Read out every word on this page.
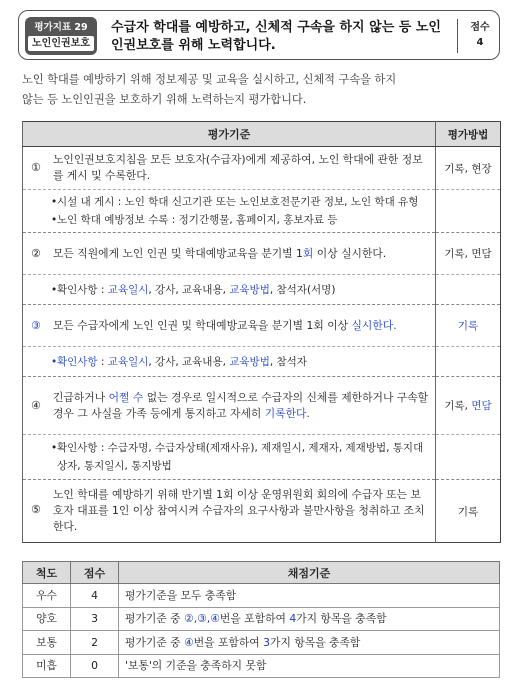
평가지표 29
노인인권보호
수급자 학대를 예방하고, 신체적 구속을 하지 않는 등 노인
인권보호를 위해 노력합니다.
점수
4
노인 학대를 예방하기 위해 정보제공 및 교육을 실시하고, 신체적 구속을 하지
않는 등 노인인권을 보호하기 위해 노력하는지 평가합니다.
평가기준	평가방법

①
노인인권보호지침을 모든 보호자(수급자)에게 제공하여, 노인 학대에 관한 정보를 게시 및 수록한다.	기록, 현장

• 시설 내 게시 : 노인 학대 신고기관 또는 노인보호전문기관 정보, 노인 학대 유형
• 노인 학대 예방정보 수록 : 정기간행물, 홈페이지, 홍보자료 등	

② 모든 직원에게 노인 인권 및 학대예방교육을 분기별 1회 이상 실시한다.	기록, 면담

• 확인사항 : 교육일시, 강사, 교육내용, 교육방법, 참석자(서명)	

③ 모든 수급자에게 노인 인권 및 학대예방교육을 분기별 1회 이상 실시한다.	기록

• 확인사항 : 교육일시, 강사, 교육내용, 교육방법, 참석자	

④
긴급하거나 어쩔 수 없는 경우로 일시적으로 수급자의 신체를 제한하거나 구속할 경우 그 사실을 가족 등에게 통지하고 자세히 기록한다.	기록, 면담

• 확인사항 : 수급자명, 수급자상태(제재사유), 제재일시, 제재자, 제재방법, 통지대상자, 통지일시, 통지방법	

⑤
노인 학대를 예방하기 위해 반기별 1회 이상 운영위원회 회의에 수급자 또는 보호자 대표를 1인 이상 참여시켜 수급자의 요구사항과 불만사항을 청취하고 조치한다.	기록
척도	점수	채점기준
우수	4	평가기준을 모두 충족함
양호	3	평가기준 중 ②,③,④번을 포함하여 4가지 항목을 충족함
보통	2	평가기준 중 ④번을 포함하여 3가지 항목을 충족함
미흡	0	'보통'의 기준을 충족하지 못함
